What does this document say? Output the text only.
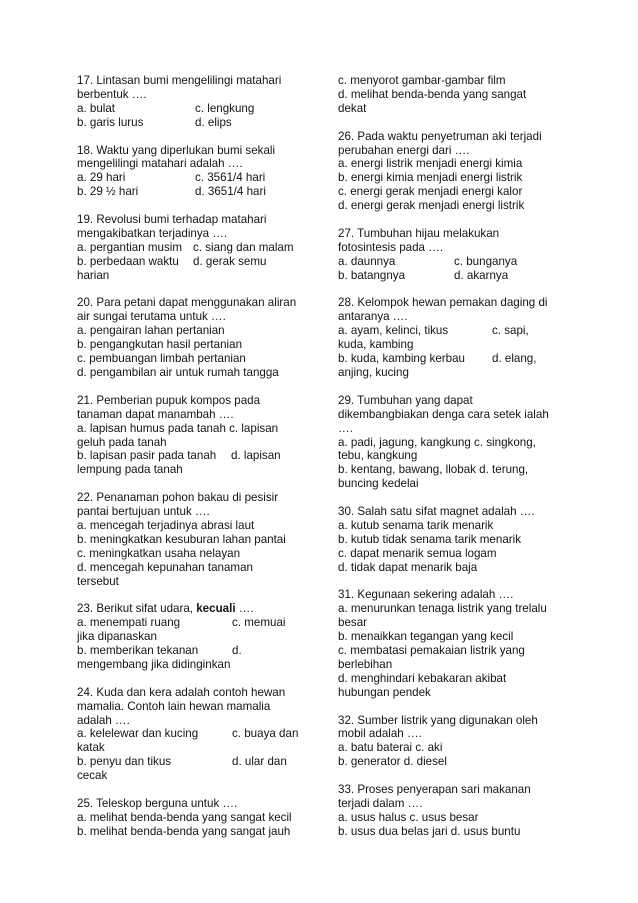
17. Lintasan bumi mengelilingi matahari
berbentuk ….
a. bulat	c. lengkung
b. garis lurus	d. elips
18. Waktu yang diperlukan bumi sekali
mengelilingi matahari adalah ….
a. 29 hari	c. 3561/4 hari
b. 29 ½ hari	d. 3651/4 hari
19. Revolusi bumi terhadap matahari
mengakibatkan terjadinya ….
a. pergantian musim c. siang dan malam
b. perbedaan waktu	d. gerak semu
harian
20. Para petani dapat menggunakan aliran
air sungai terutama untuk ….
a. pengairan lahan pertanian
b. pengangkutan hasil pertanian
c. pembuangan limbah pertanian
d. pengambilan air untuk rumah tangga
21. Pemberian pupuk kompos pada
tanaman dapat manambah ….
a. lapisan humus pada tanah c. lapisan
geluh pada tanah
b. lapisan pasir pada tanah	d. lapisan
lempung pada tanah
22. Penanaman pohon bakau di pesisir
pantai bertujuan untuk ….
a. mencegah terjadinya abrasi laut
b. meningkatkan kesuburan lahan pantai
c. meningkatkan usaha nelayan
d. mencegah kepunahan tanaman
tersebut
23. Berikut sifat udara, kecuali ….
a. menempati ruang	c. memuai
jika dipanaskan
b. memberikan tekanan	d.
mengembang jika didinginkan
24. Kuda dan kera adalah contoh hewan
mamalia. Contoh lain hewan mamalia
adalah ….
a. kelelewar dan kucing	c. buaya dan
katak
b. penyu dan tikus	d. ular dan
cecak
25. Teleskop berguna untuk ….
a. melihat benda-benda yang sangat kecil
b. melihat benda-benda yang sangat jauh
c. menyorot gambar-gambar film
d. melihat benda-benda yang sangat
dekat
26. Pada waktu penyetruman aki terjadi
perubahan energi dari ….
a. energi listrik menjadi energi kimia
b. energi kimia menjadi energi listrik
c. energi gerak menjadi energi kalor
d. energi gerak menjadi energi listrik
27. Tumbuhan hijau melakukan
fotosintesis pada ….
a. daunnya	c. bunganya
b. batangnya	d. akarnya
28. Kelompok hewan pemakan daging di
antaranya ….
a. ayam, kelinci, tikus	c. sapi,
kuda, kambing
b. kuda, kambing kerbau	d. elang,
anjing, kucing
29. Tumbuhan yang dapat
dikembangbiakan denga cara setek ialah
….
a. padi, jagung, kangkung c. singkong,
tebu, kangkung
b. kentang, bawang, llobak d. terung,
buncing kedelai
30. Salah satu sifat magnet adalah ….
a. kutub senama tarik menarik
b. kutub tidak senama tarik menarik
c. dapat menarik semua logam
d. tidak dapat menarik baja
31. Kegunaan sekering adalah ….
a. menurunkan tenaga listrik yang trelalu
besar
b. menaikkan tegangan yang kecil
c. membatasi pemakaian listrik yang
berlebihan
d. menghindari kebakaran akibat
hubungan pendek
32. Sumber listrik yang digunakan oleh
mobil adalah ….
a. batu baterai c. aki
b. generator d. diesel
33. Proses penyerapan sari makanan
terjadi dalam ….
a. usus halus c. usus besar
b. usus dua belas jari d. usus buntu
